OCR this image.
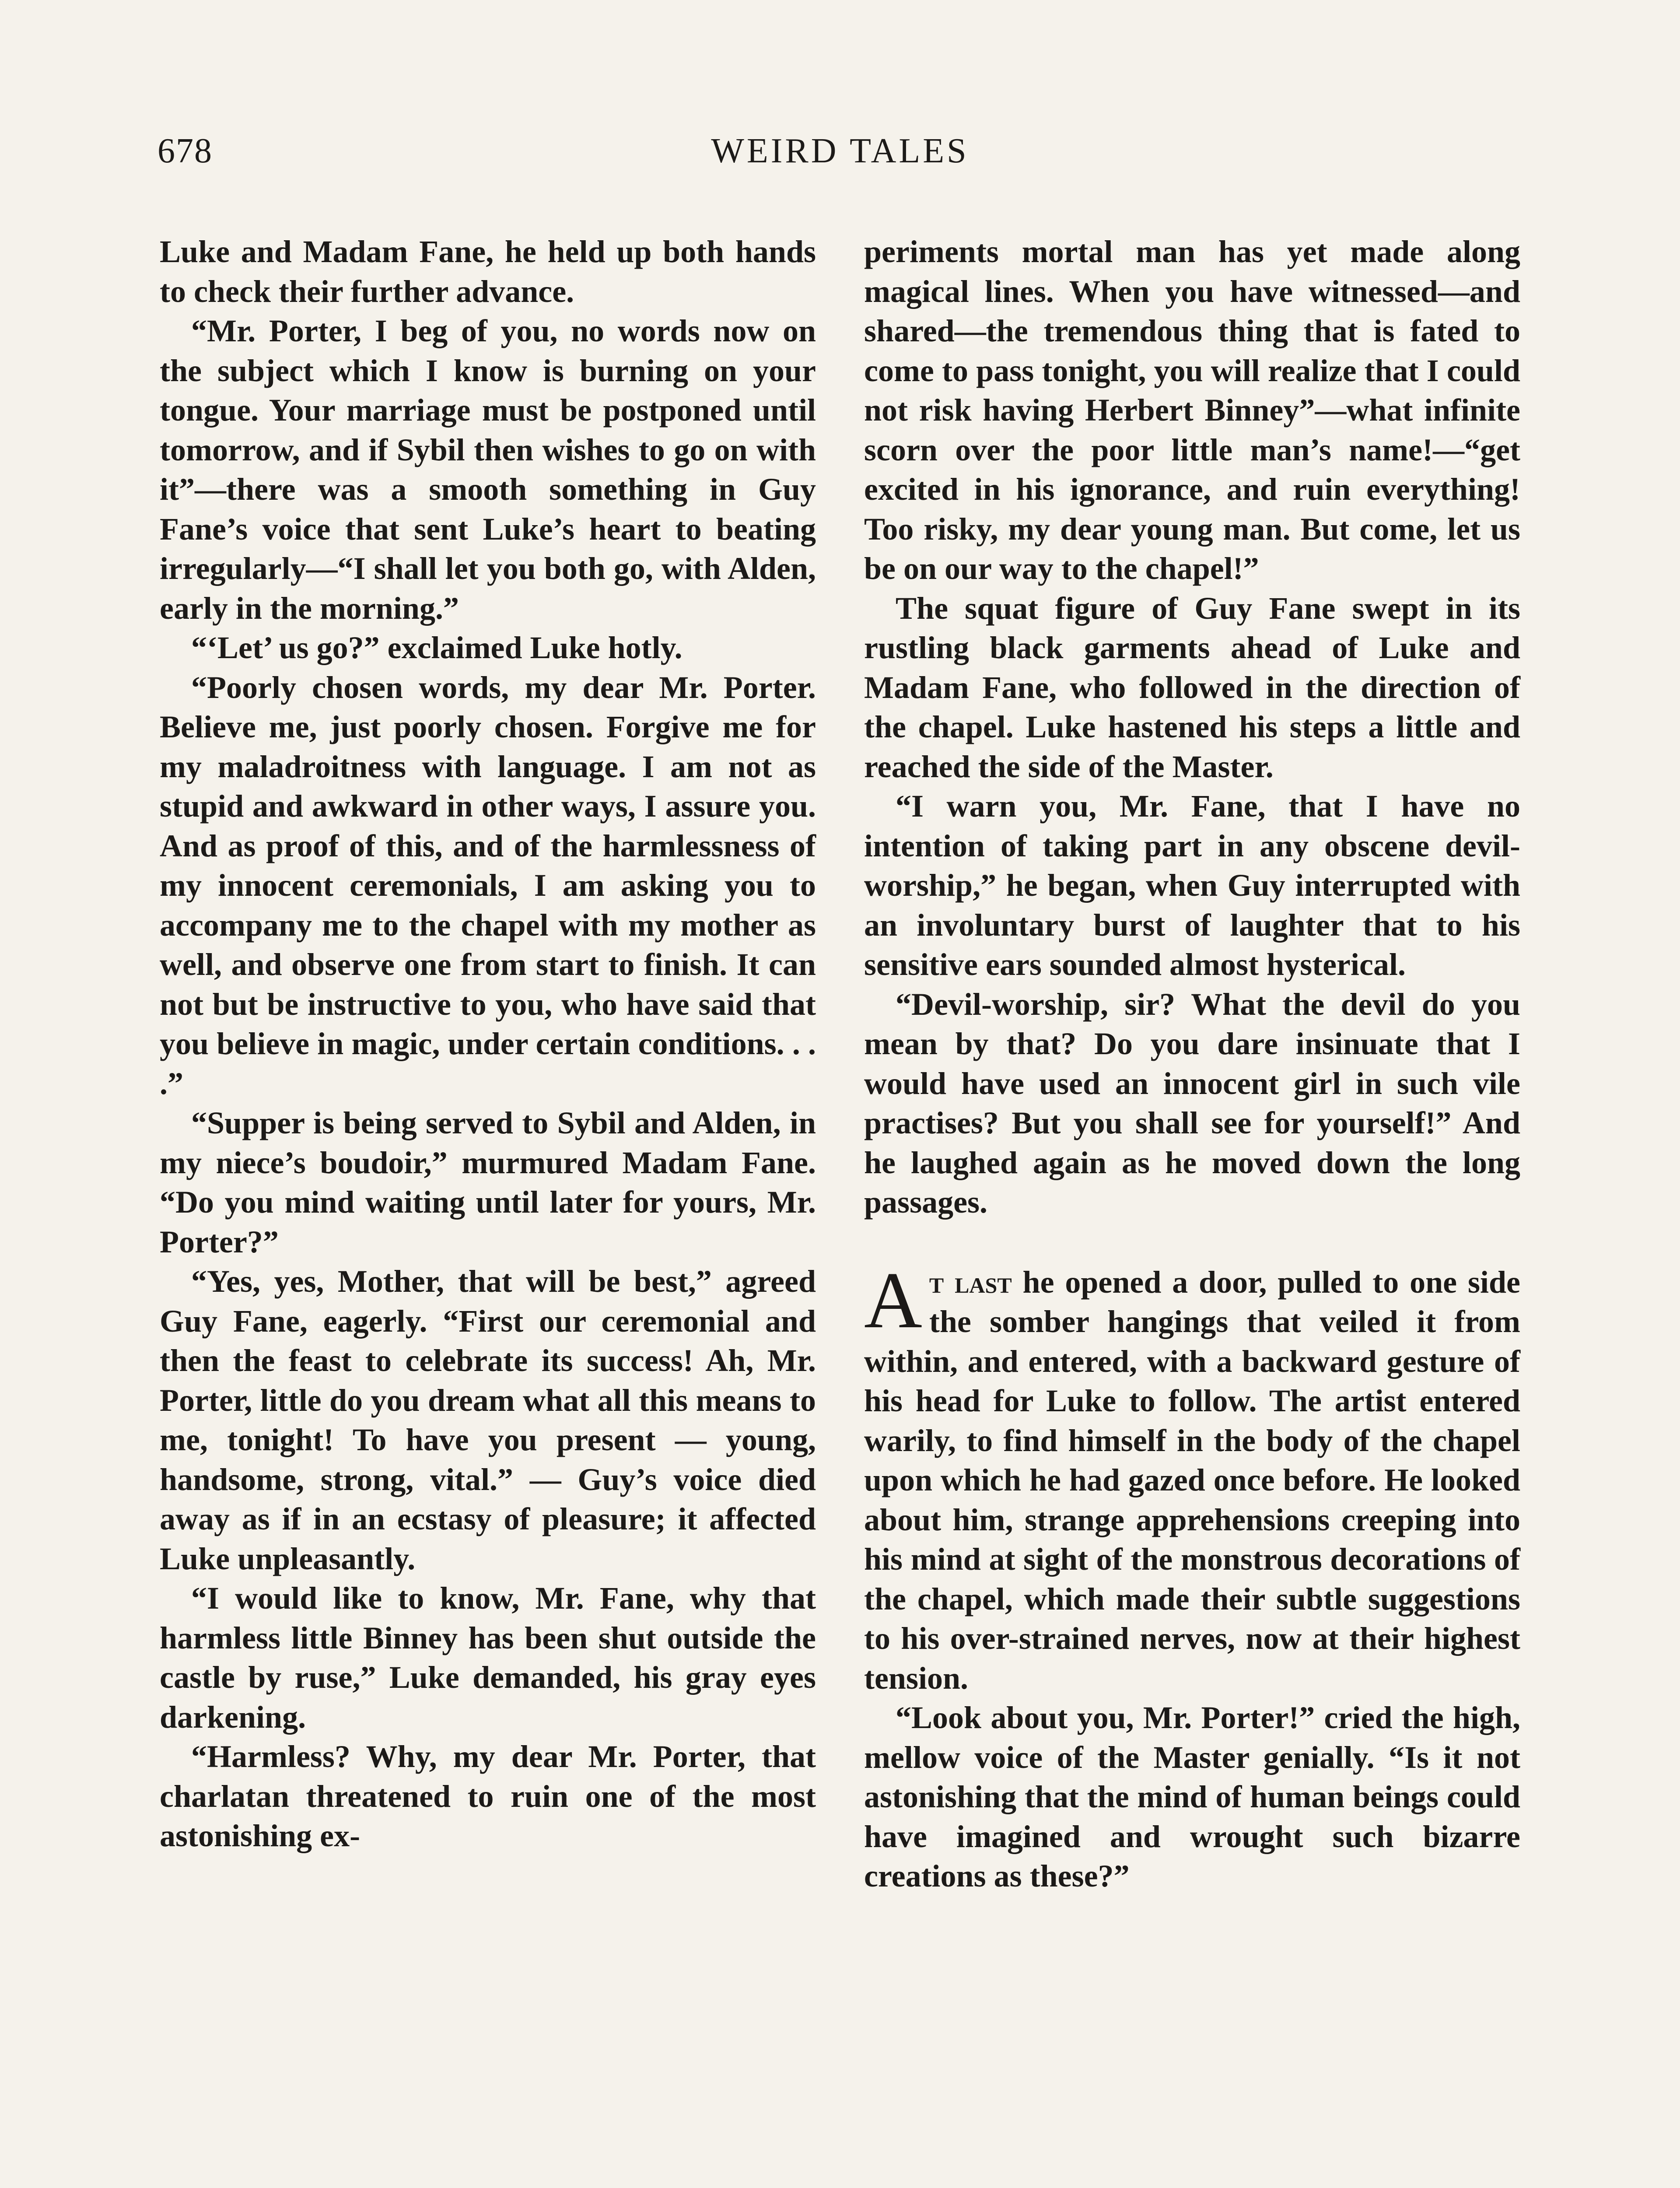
678	WEIRD TALES

Luke and Madam Fane, he held up both hands to check their further advance.

“Mr. Porter, I beg of you, no words now on the subject which I know is burning on your tongue. Your marriage must be postponed until tomorrow, and if Sybil then wishes to go on with it”—there was a smooth something in Guy Fane’s voice that sent Luke’s heart to beating irregularly—“I shall let you both go, with Alden, early in the morning.”

“‘Let’ us go?” exclaimed Luke hotly.

“Poorly chosen words, my dear Mr. Porter. Believe me, just poorly chosen. Forgive me for my maladroitness with language. I am not as stupid and awkward in other ways, I assure you. And as proof of this, and of the harmlessness of my innocent ceremonials, I am asking you to accompany me to the chapel with my mother as well, and observe one from start to finish. It can not but be instructive to you, who have said that you believe in magic, under certain conditions. . . .”

“Supper is being served to Sybil and Alden, in my niece’s boudoir,” murmured Madam Fane. “Do you mind waiting until later for yours, Mr. Porter?”

“Yes, yes, Mother, that will be best,” agreed Guy Fane, eagerly. “First our ceremonial and then the feast to celebrate its success! Ah, Mr. Porter, little do you dream what all this means to me, tonight! To have you present — young, handsome, strong, vital.” — Guy’s voice died away as if in an ecstasy of pleasure; it affected Luke unpleasantly.

“I would like to know, Mr. Fane, why that harmless little Binney has been shut outside the castle by ruse,” Luke demanded, his gray eyes darkening.

“Harmless? Why, my dear Mr. Porter, that charlatan threatened to ruin one of the most astonishing ex-

periments mortal man has yet made along magical lines. When you have witnessed—and shared—the tremendous thing that is fated to come to pass tonight, you will realize that I could not risk having Herbert Binney”—what infinite scorn over the poor little man’s name!—“get excited in his ignorance, and ruin everything! Too risky, my dear young man. But come, let us be on our way to the chapel!”

The squat figure of Guy Fane swept in its rustling black garments ahead of Luke and Madam Fane, who followed in the direction of the chapel. Luke hastened his steps a little and reached the side of the Master.

“I warn you, Mr. Fane, that I have no intention of taking part in any obscene devil-worship,” he began, when Guy interrupted with an involuntary burst of laughter that to his sensitive ears sounded almost hysterical.

“Devil-worship, sir? What the devil do you mean by that? Do you dare insinuate that I would have used an innocent girl in such vile practises? But you shall see for yourself!” And he laughed again as he moved down the long passages.

At last he opened a door, pulled to one side the somber hangings that veiled it from within, and entered, with a backward gesture of his head for Luke to follow. The artist entered warily, to find himself in the body of the chapel upon which he had gazed once before. He looked about him, strange apprehensions creeping into his mind at sight of the monstrous decorations of the chapel, which made their subtle suggestions to his over-strained nerves, now at their highest tension.

“Look about you, Mr. Porter!” cried the high, mellow voice of the Master genially. “Is it not astonishing that the mind of human beings could have imagined and wrought such bizarre creations as these?”
